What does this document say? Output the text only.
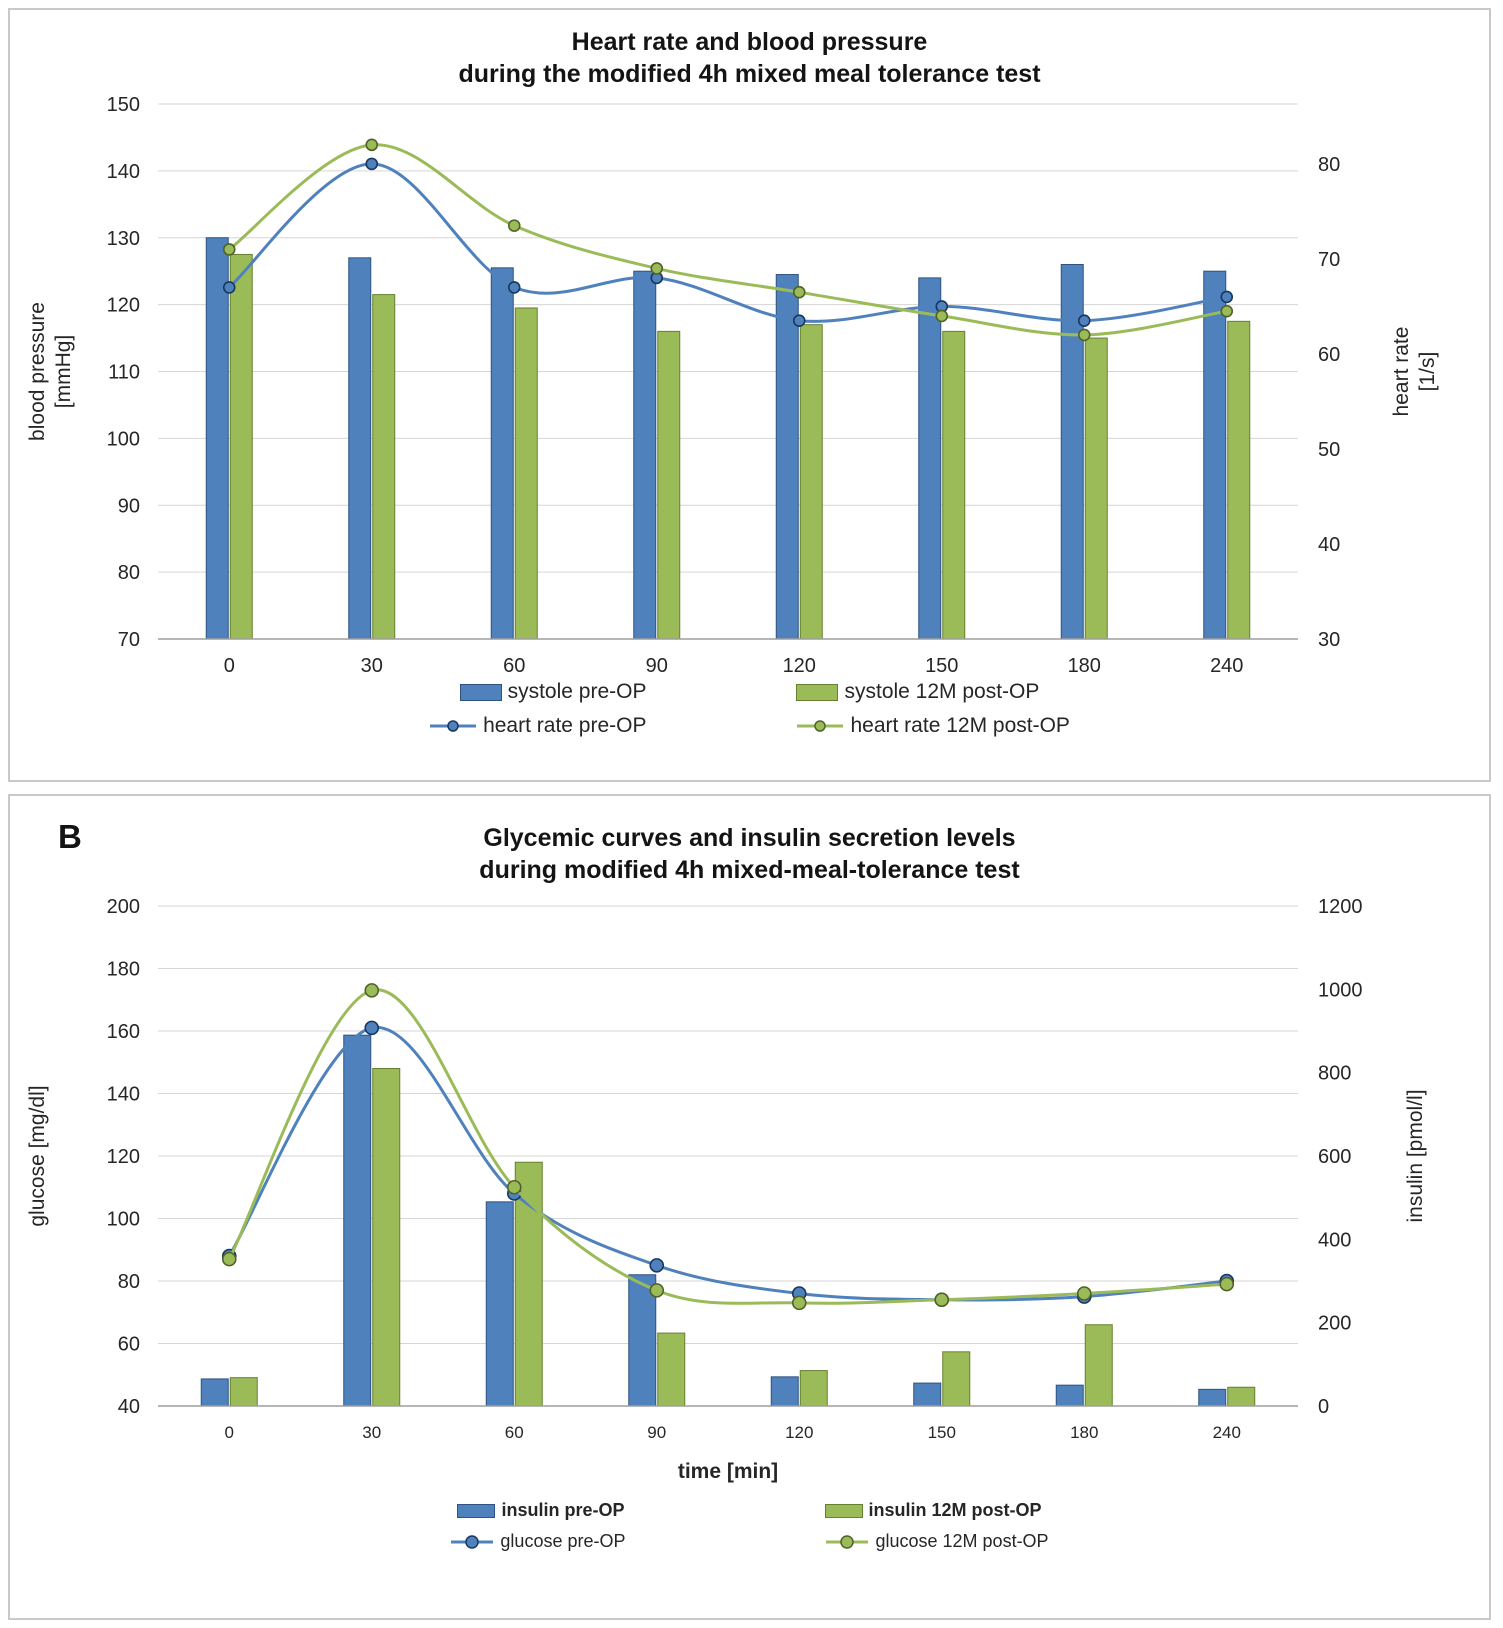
Heart rate and blood pressure
during the modified 4h mixed meal tolerance test
150
140
130
120
110
100
90
80
70
80
70
60
50
40
30
0	30	60	90	120	150	180	240
blood pressure [mmHg]	heart rate [1/s]
systole pre-OP	systole 12M post-OP
heart rate pre-OP	heart rate 12M post-OP
B	Glycemic curves and insulin secretion levels
during modified 4h mixed-meal-tolerance test
200
180
160
140
120
100
80
60
40
1200
1000
800
600
400
200
0
0	30	60	90	120	150	180	240
time [min]
glucose [mg/dl]	insulin [pmol/l]
insulin pre-OP	insulin 12M post-OP
glucose pre-OP	glucose 12M post-OP
